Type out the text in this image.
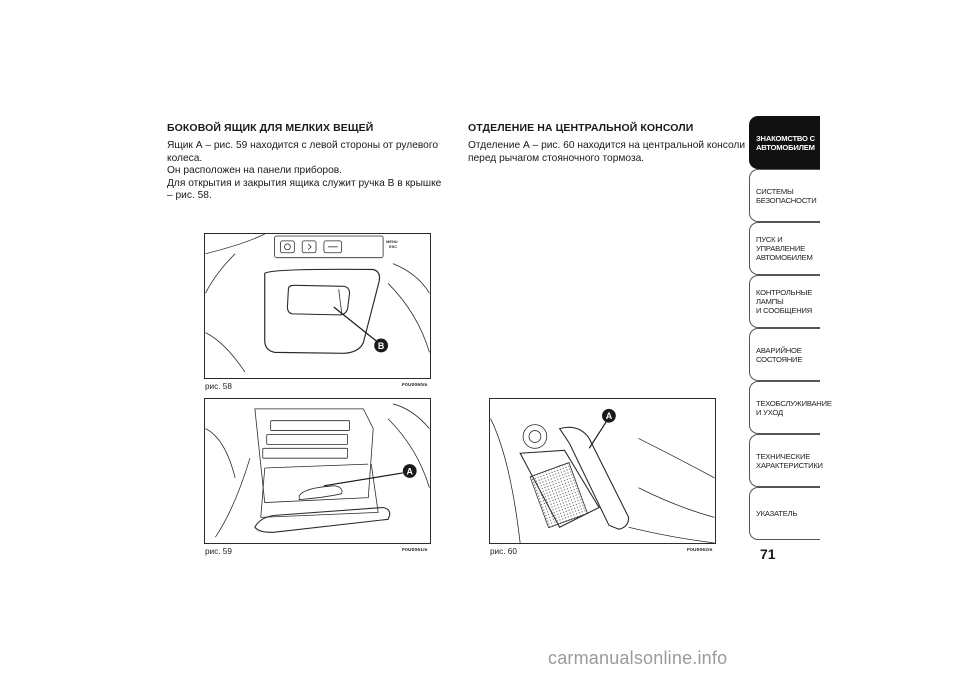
БОКОВОЙ ЯЩИК ДЛЯ МЕЛКИХ ВЕЩЕЙ

Ящик А – рис. 59 находится с левой стороны от рулевого

колеса.

Он расположен на панели приборов.

Для открытия и закрытия ящика служит ручка В в крышке

– рис. 58.

ОТДЕЛЕНИЕ НА ЦЕНТРАЛЬНОЙ КОНСОЛИ

Отделение А – рис. 60 находится на центральной консоли

перед рычагом стояночного тормоза.

B
MENU
ESC
рис. 58	F0U0060m
A
рис. 59	F0U0061m
A
рис. 60	F0U0062m
ЗНАКОМСТВО С
АВТОМОБИЛЕМ
СИСТЕМЫ
БЕЗОПАСНОСТИ
ПУСК И УПРАВЛЕНИЕ
АВТОМОБИЛЕМ
КОНТРОЛЬНЫЕ
ЛАМПЫ
И СООБЩЕНИЯ
АВАРИЙНОЕ
СОСТОЯНИЕ
ТЕХОБСЛУЖИВАНИЕ
И УХОД
ТЕХНИЧЕСКИЕ
ХАРАКТЕРИСТИКИ
УКАЗАТЕЛЬ
71
carmanualsonline.info
